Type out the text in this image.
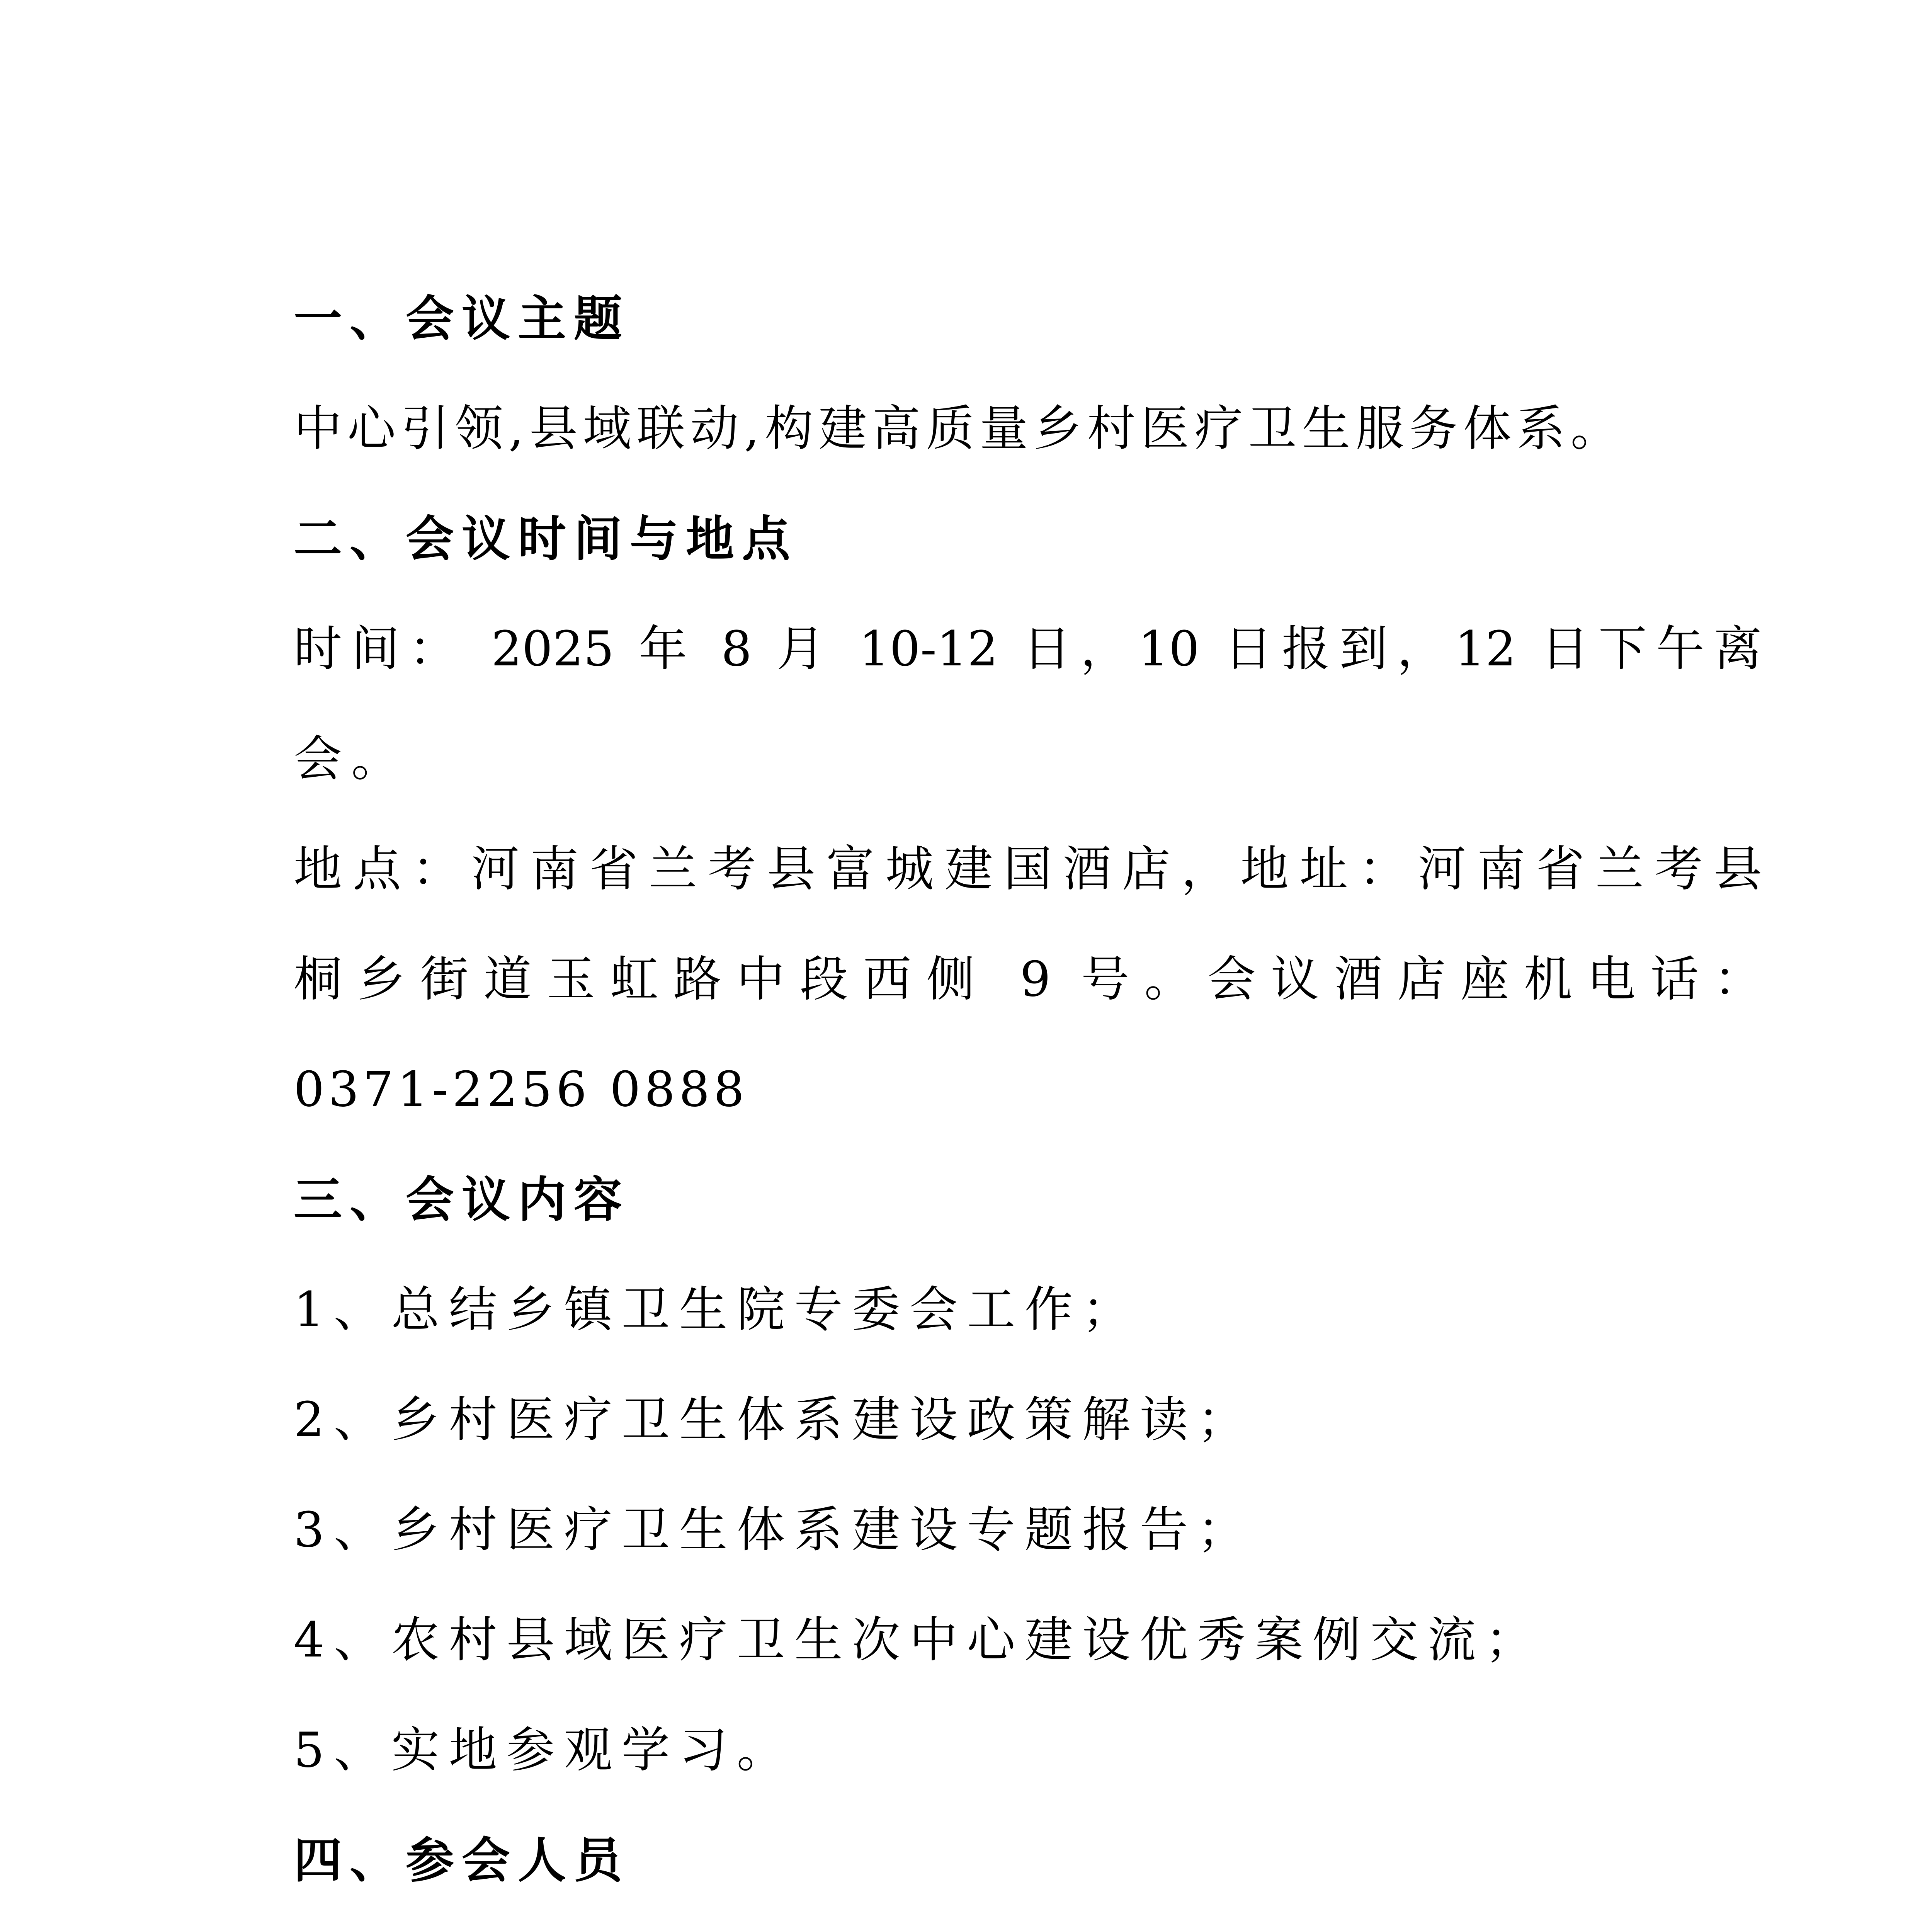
一、会议主题
中心引领,县域联动,构建高质量乡村医疗卫生服务体系。
二、会议时间与地点
时间： 2025 年 8 月 10-12 日，10 日报到，12 日下午离
会。
地点：河南省兰考县富城建国酒店，地址：河南省兰考县
桐乡街道玉虹路中段西侧 9 号。会议酒店座机电话：
0371-2256 0888
三、会议内容
1、总结乡镇卫生院专委会工作；
2、乡村医疗卫生体系建设政策解读；
3、乡村医疗卫生体系建设专题报告；
4、农村县域医疗卫生次中心建设优秀案例交流；
5、实地参观学习。
四、参会人员
